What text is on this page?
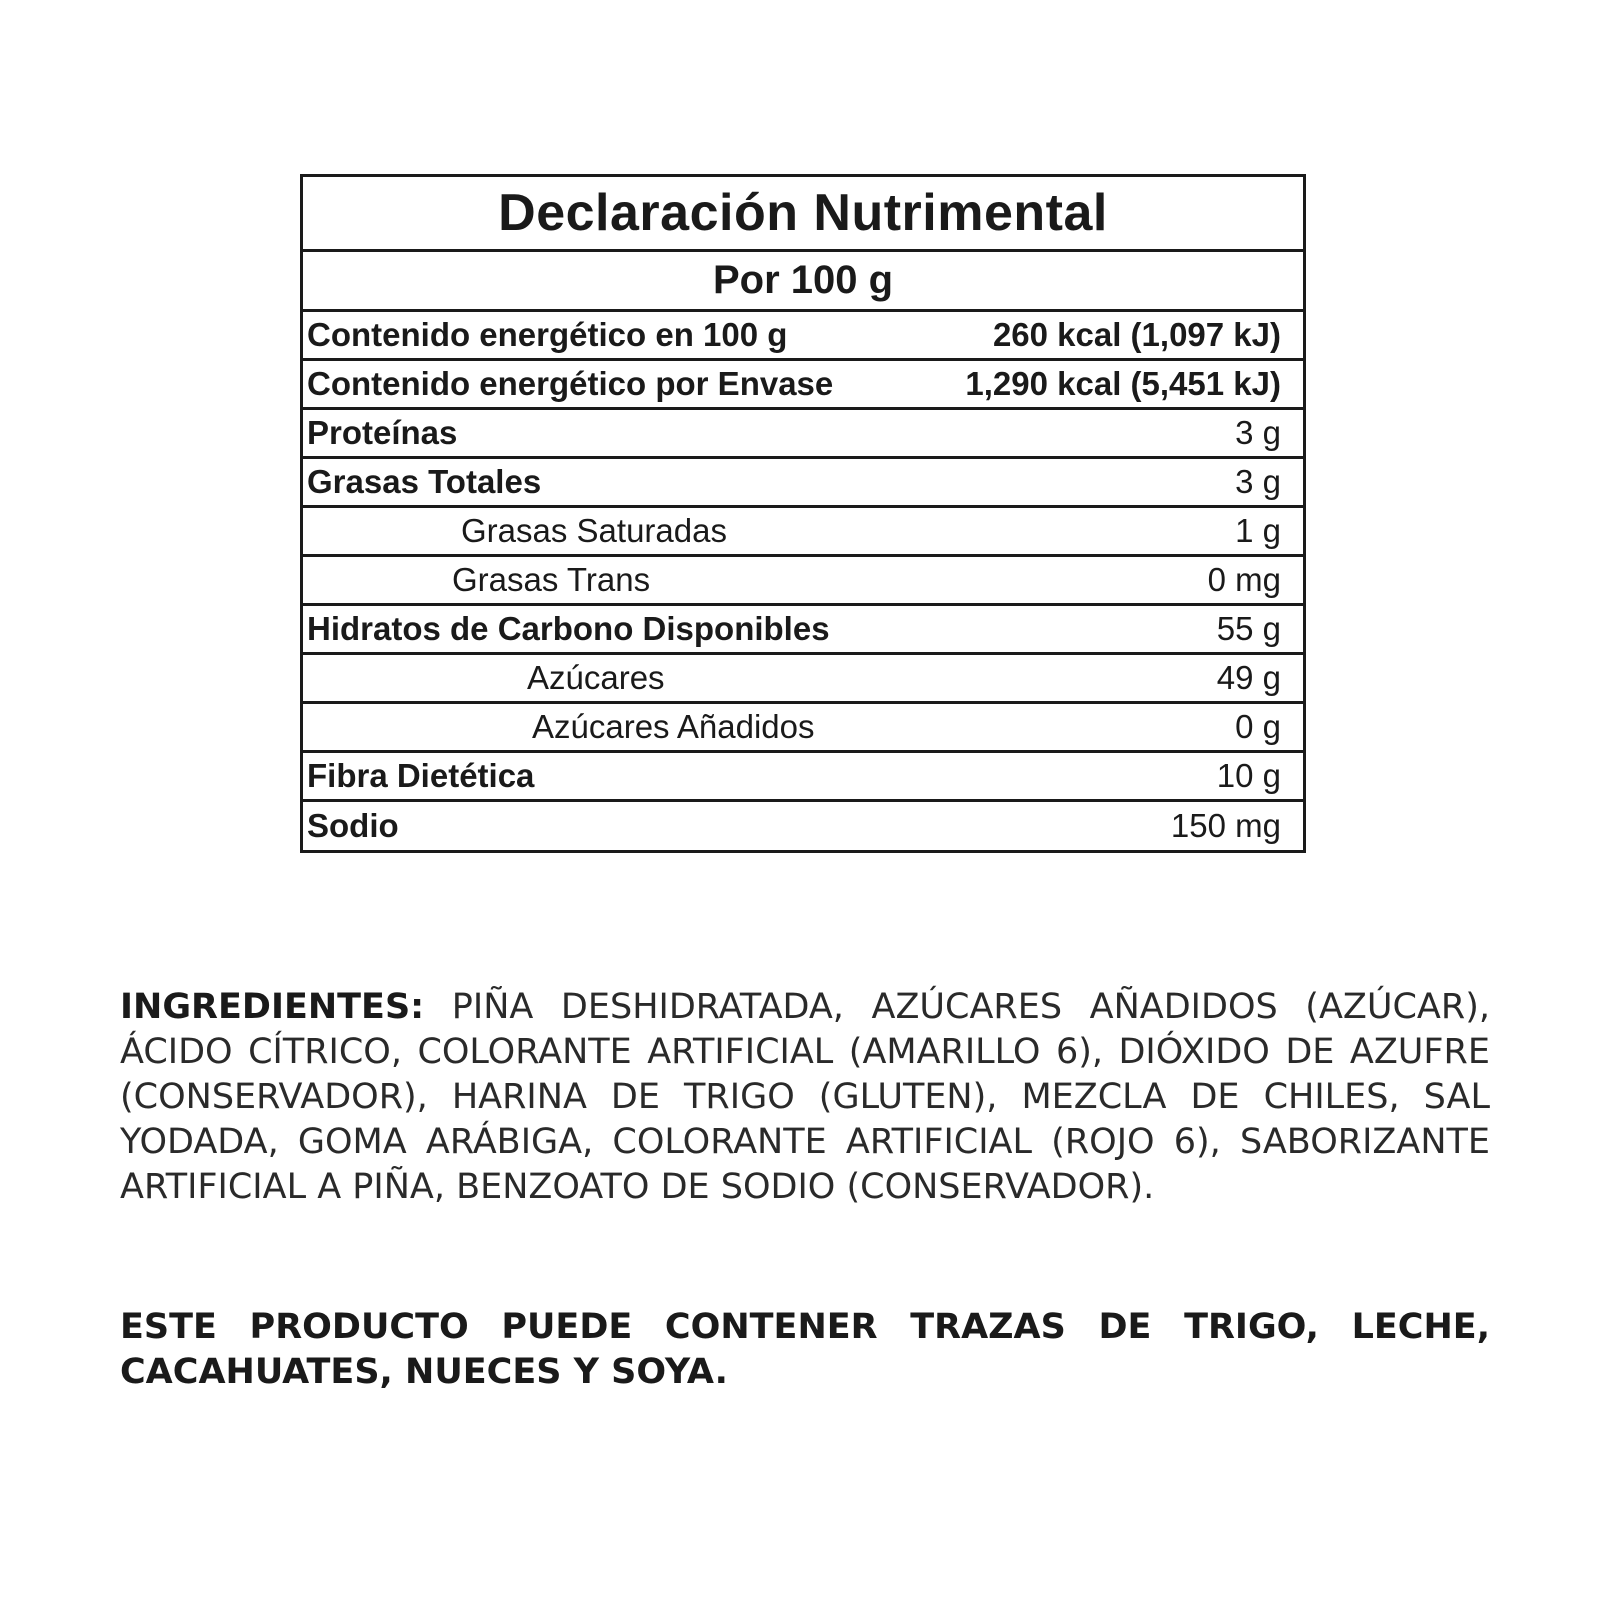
Declaración Nutrimental
Por 100 g
Contenido energético en 100 g	260 kcal (1,097 kJ)
Contenido energético por Envase	1,290 kcal (5,451 kJ)
Proteínas	3 g
Grasas Totales	3 g
Grasas Saturadas	1 g
Grasas Trans	0 mg
Hidratos de Carbono Disponibles	55 g
Azúcares	49 g
Azúcares Añadidos	0 g
Fibra Dietética	10 g
Sodio	150 mg
INGREDIENTES: PIÑA DESHIDRATADA, AZÚCARES AÑADIDOS (AZÚCAR), ÁCIDO CÍTRICO, COLORANTE ARTIFICIAL (AMARILLO 6), DIÓXIDO DE AZUFRE (CONSERVADOR), HARINA DE TRIGO (GLUTEN), MEZCLA DE CHILES, SAL YODADA, GOMA ARÁBIGA, COLORANTE ARTIFICIAL (ROJO 6), SABORIZANTE ARTIFICIAL A PIÑA, BENZOATO DE SODIO (CONSERVADOR).
ESTE PRODUCTO PUEDE CONTENER TRAZAS DE TRIGO, LECHE, CACAHUATES, NUECES Y SOYA.
